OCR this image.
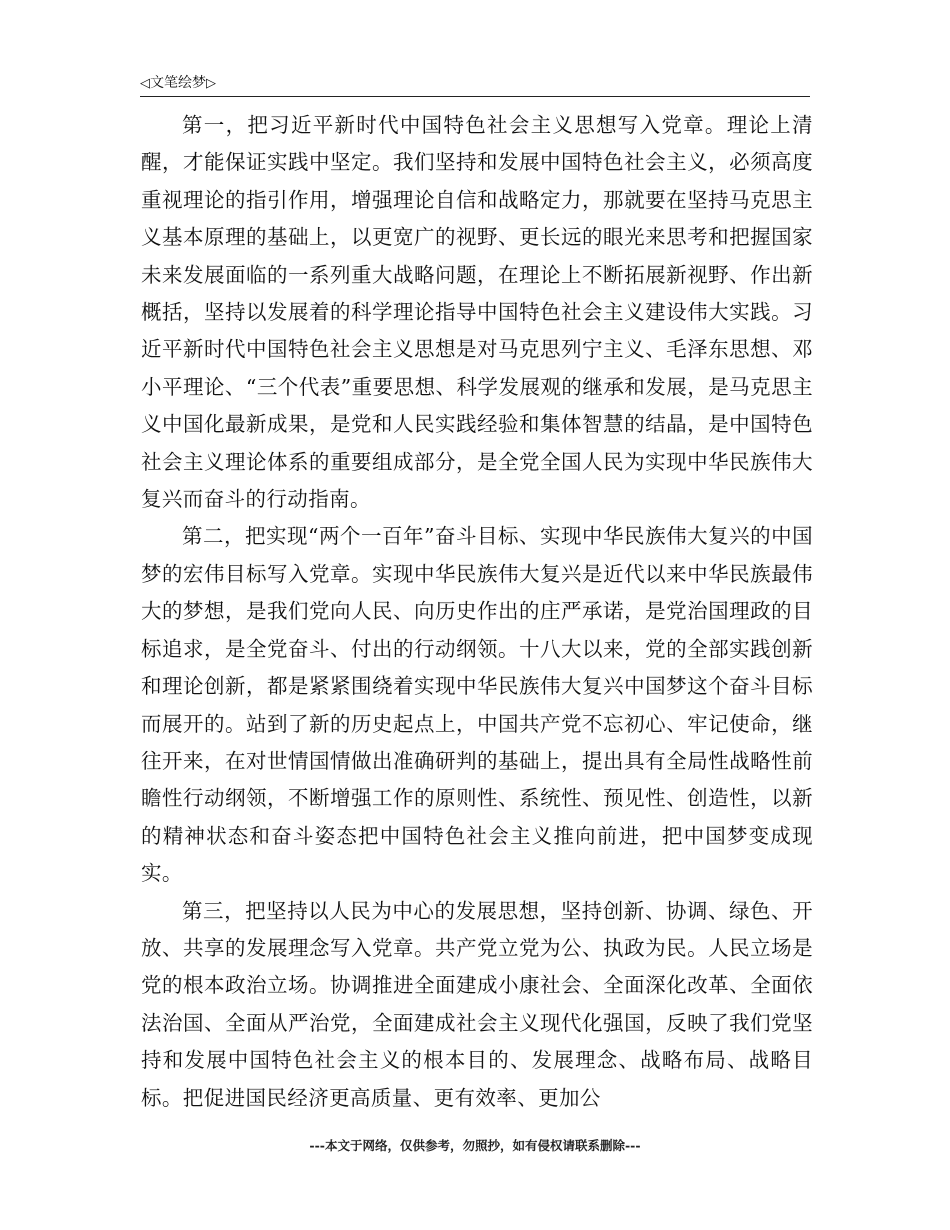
◁文笔绘梦▷

第一，把习近平新时代中国特色社会主义思想写入党章。理论上清醒，才能保证实践中坚定。我们坚持和发展中国特色社会主义，必须高度重视理论的指引作用，增强理论自信和战略定力，那就要在坚持马克思主义基本原理的基础上，以更宽广的视野、更长远的眼光来思考和把握国家未来发展面临的一系列重大战略问题，在理论上不断拓展新视野、作出新概括，坚持以发展着的科学理论指导中国特色社会主义建设伟大实践。习近平新时代中国特色社会主义思想是对马克思列宁主义、毛泽东思想、邓小平理论、“三个代表”重要思想、科学发展观的继承和发展，是马克思主义中国化最新成果，是党和人民实践经验和集体智慧的结晶，是中国特色社会主义理论体系的重要组成部分，是全党全国人民为实现中华民族伟大复兴而奋斗的行动指南。

第二，把实现“两个一百年”奋斗目标、实现中华民族伟大复兴的中国梦的宏伟目标写入党章。实现中华民族伟大复兴是近代以来中华民族最伟大的梦想，是我们党向人民、向历史作出的庄严承诺，是党治国理政的目标追求，是全党奋斗、付出的行动纲领。十八大以来，党的全部实践创新和理论创新，都是紧紧围绕着实现中华民族伟大复兴中国梦这个奋斗目标而展开的。站到了新的历史起点上，中国共产党不忘初心、牢记使命，继往开来，在对世情国情做出准确研判的基础上，提出具有全局性战略性前瞻性行动纲领，不断增强工作的原则性、系统性、预见性、创造性，以新的精神状态和奋斗姿态把中国特色社会主义推向前进，把中国梦变成现实。

第三，把坚持以人民为中心的发展思想，坚持创新、协调、绿色、开放、共享的发展理念写入党章。共产党立党为公、执政为民。人民立场是党的根本政治立场。协调推进全面建成小康社会、全面深化改革、全面依法治国、全面从严治党，全面建成社会主义现代化强国，反映了我们党坚持和发展中国特色社会主义的根本目的、发展理念、战略布局、战略目标。把促进国民经济更高质量、更有效率、更加公

---本文于网络，仅供参考，勿照抄，如有侵权请联系删除---
